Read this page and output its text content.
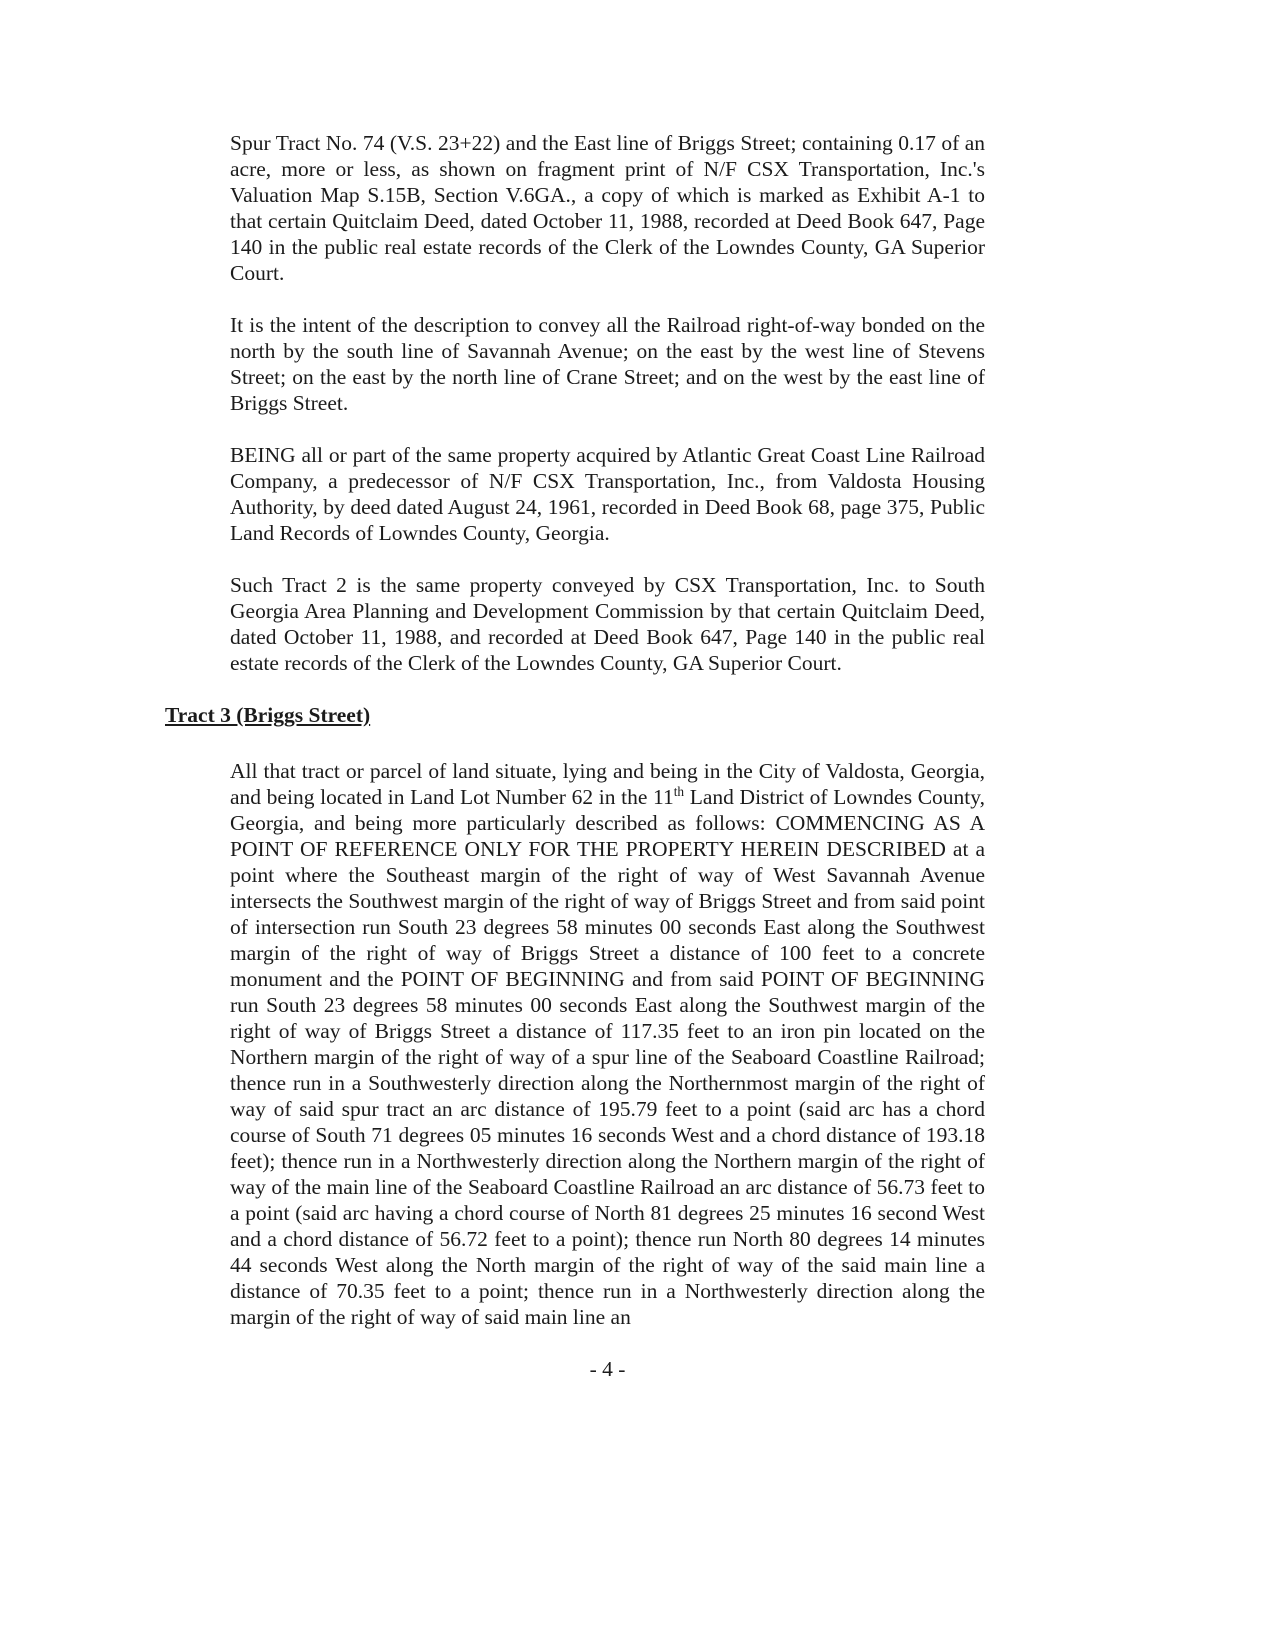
Spur Tract No. 74 (V.S. 23+22) and the East line of Briggs Street; containing 0.17 of an acre, more or less, as shown on fragment print of N/F CSX Transportation, Inc.'s Valuation Map S.15B, Section V.6GA., a copy of which is marked as Exhibit A-1 to that certain Quitclaim Deed, dated October 11, 1988, recorded at Deed Book 647, Page 140 in the public real estate records of the Clerk of the Lowndes County, GA Superior Court.

It is the intent of the description to convey all the Railroad right-of-way bonded on the north by the south line of Savannah Avenue; on the east by the west line of Stevens Street; on the east by the north line of Crane Street; and on the west by the east line of Briggs Street.

BEING all or part of the same property acquired by Atlantic Great Coast Line Railroad Company, a predecessor of N/F CSX Transportation, Inc., from Valdosta Housing Authority, by deed dated August 24, 1961, recorded in Deed Book 68, page 375, Public Land Records of Lowndes County, Georgia.

Such Tract 2 is the same property conveyed by CSX Transportation, Inc. to South Georgia Area Planning and Development Commission by that certain Quitclaim Deed, dated October 11, 1988, and recorded at Deed Book 647, Page 140 in the public real estate records of the Clerk of the Lowndes County, GA Superior Court.

Tract 3 (Briggs Street)

All that tract or parcel of land situate, lying and being in the City of Valdosta, Georgia, and being located in Land Lot Number 62 in the 11th Land District of Lowndes County, Georgia, and being more particularly described as follows: COMMENCING AS A POINT OF REFERENCE ONLY FOR THE PROPERTY HEREIN DESCRIBED at a point where the Southeast margin of the right of way of West Savannah Avenue intersects the Southwest margin of the right of way of Briggs Street and from said point of intersection run South 23 degrees 58 minutes 00 seconds East along the Southwest margin of the right of way of Briggs Street a distance of 100 feet to a concrete monument and the POINT OF BEGINNING and from said POINT OF BEGINNING run South 23 degrees 58 minutes 00 seconds East along the Southwest margin of the right of way of Briggs Street a distance of 117.35 feet to an iron pin located on the Northern margin of the right of way of a spur line of the Seaboard Coastline Railroad; thence run in a Southwesterly direction along the Northernmost margin of the right of way of said spur tract an arc distance of 195.79 feet to a point (said arc has a chord course of South 71 degrees 05 minutes 16 seconds West and a chord distance of 193.18 feet); thence run in a Northwesterly direction along the Northern margin of the right of way of the main line of the Seaboard Coastline Railroad an arc distance of 56.73 feet to a point (said arc having a chord course of North 81 degrees 25 minutes 16 second West and a chord distance of 56.72 feet to a point); thence run North 80 degrees 14 minutes 44 seconds West along the North margin of the right of way of the said main line a distance of 70.35 feet to a point; thence run in a Northwesterly direction along the margin of the right of way of said main line an

- 4 -
